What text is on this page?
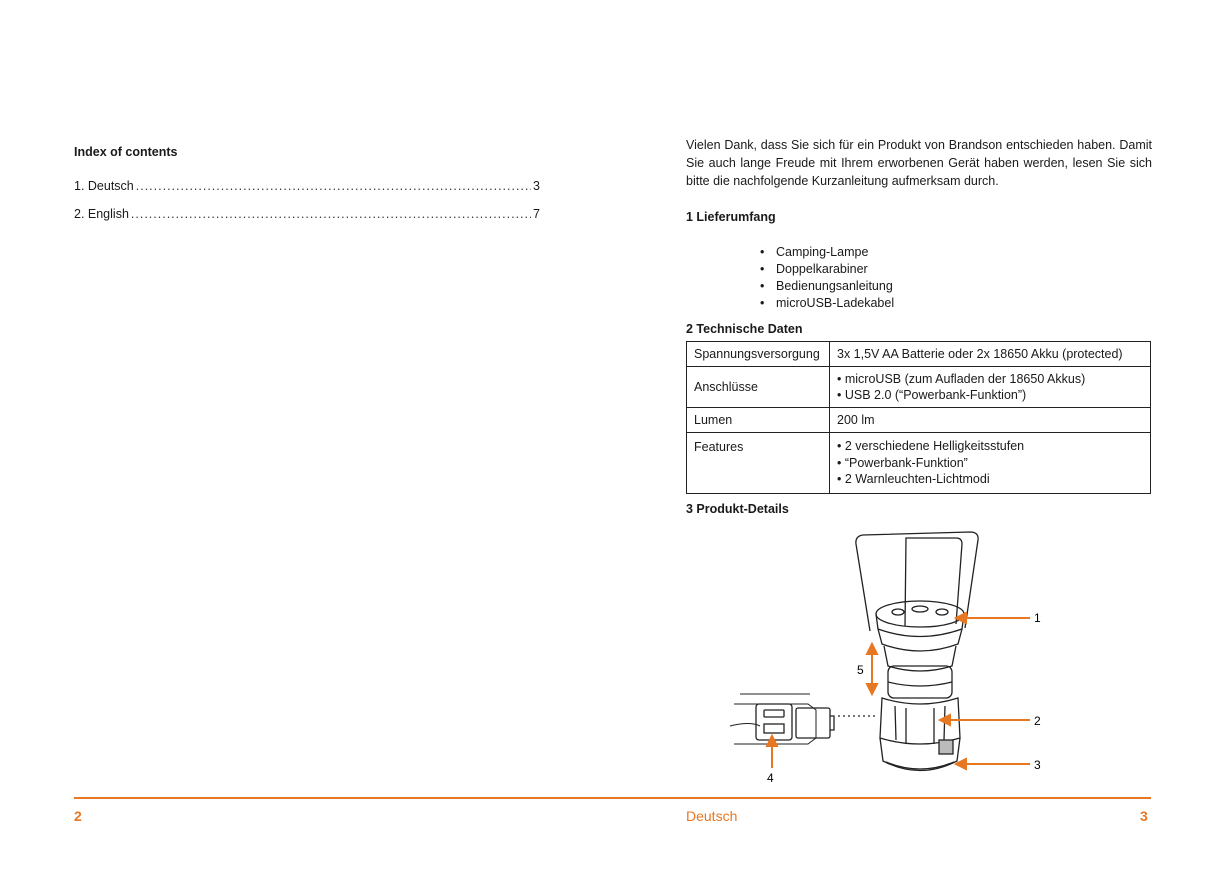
Index of contents
1. Deutsch .....	3
2. English .....	7
Vielen Dank, dass Sie sich für ein Produkt von Brandson entschieden haben. Damit Sie auch lange Freude mit Ihrem erworbenen Gerät haben werden, lesen Sie sich bitte die nachfolgende Kurzanleitung aufmerksam durch.
1 Lieferumfang
• Camping-Lampe
• Doppelkarabiner
• Bedienungsanleitung
• microUSB-Ladekabel
2 Technische Daten
Spannungsversorgung	3x 1,5V AA Batterie oder 2x 18650 Akku (protected)
Anschlüsse	• microUSB (zum Aufladen der 18650 Akkus)
• USB 2.0 (“Powerbank-Funktion”)

Lumen	200 lm
Features	• 2 verschiedene Helligkeitsstufen
• “Powerbank-Funktion”
• 2 Warnleuchten-Lichtmodi
3 Produkt-Details
1
2
3
4
5
2	Deutsch	3
